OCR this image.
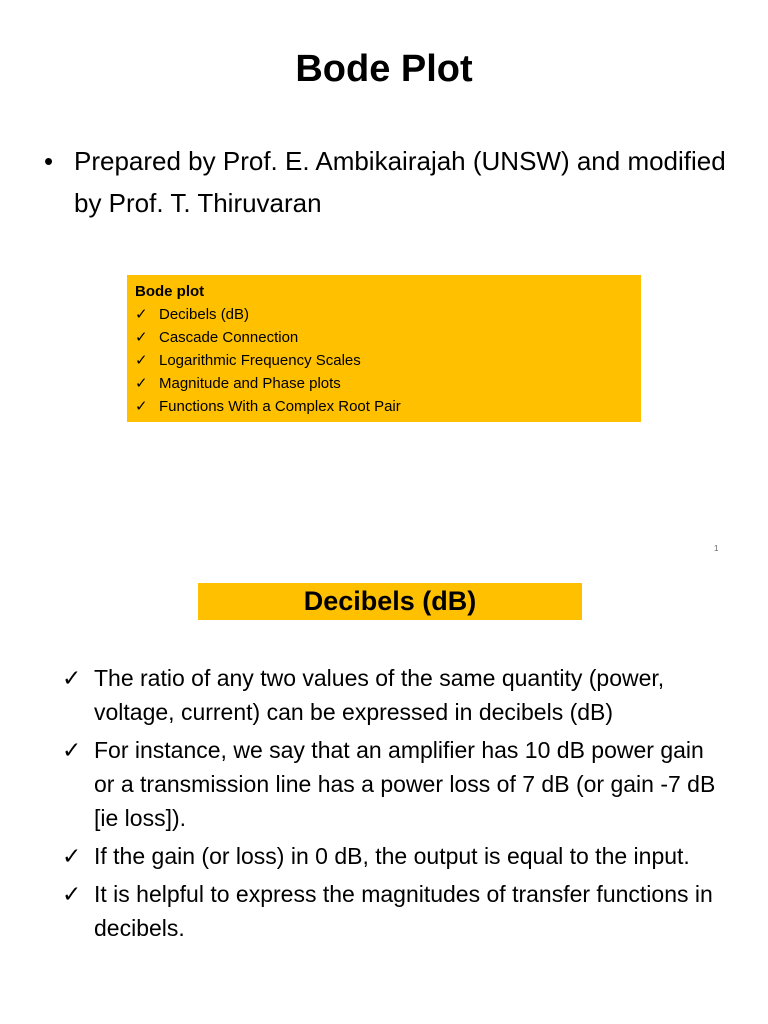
Bode Plot
• Prepared by Prof. E. Ambikairajah (UNSW) and modified by Prof. T. Thiruvaran
Bode plot
✓ Decibels (dB)
✓ Cascade Connection
✓ Logarithmic Frequency Scales
✓ Magnitude and Phase plots
✓ Functions With a Complex Root Pair
1
Decibels (dB)
✓ The ratio of any two values of the same quantity (power, voltage, current) can be expressed in decibels (dB)
✓ For instance, we say that an amplifier has 10 dB power gain or a transmission line has a power loss of 7 dB (or gain -7 dB [ie loss]).
✓ If the gain (or loss) in 0 dB, the output is equal to the input.
✓ It is helpful to express the magnitudes of transfer functions in decibels.
